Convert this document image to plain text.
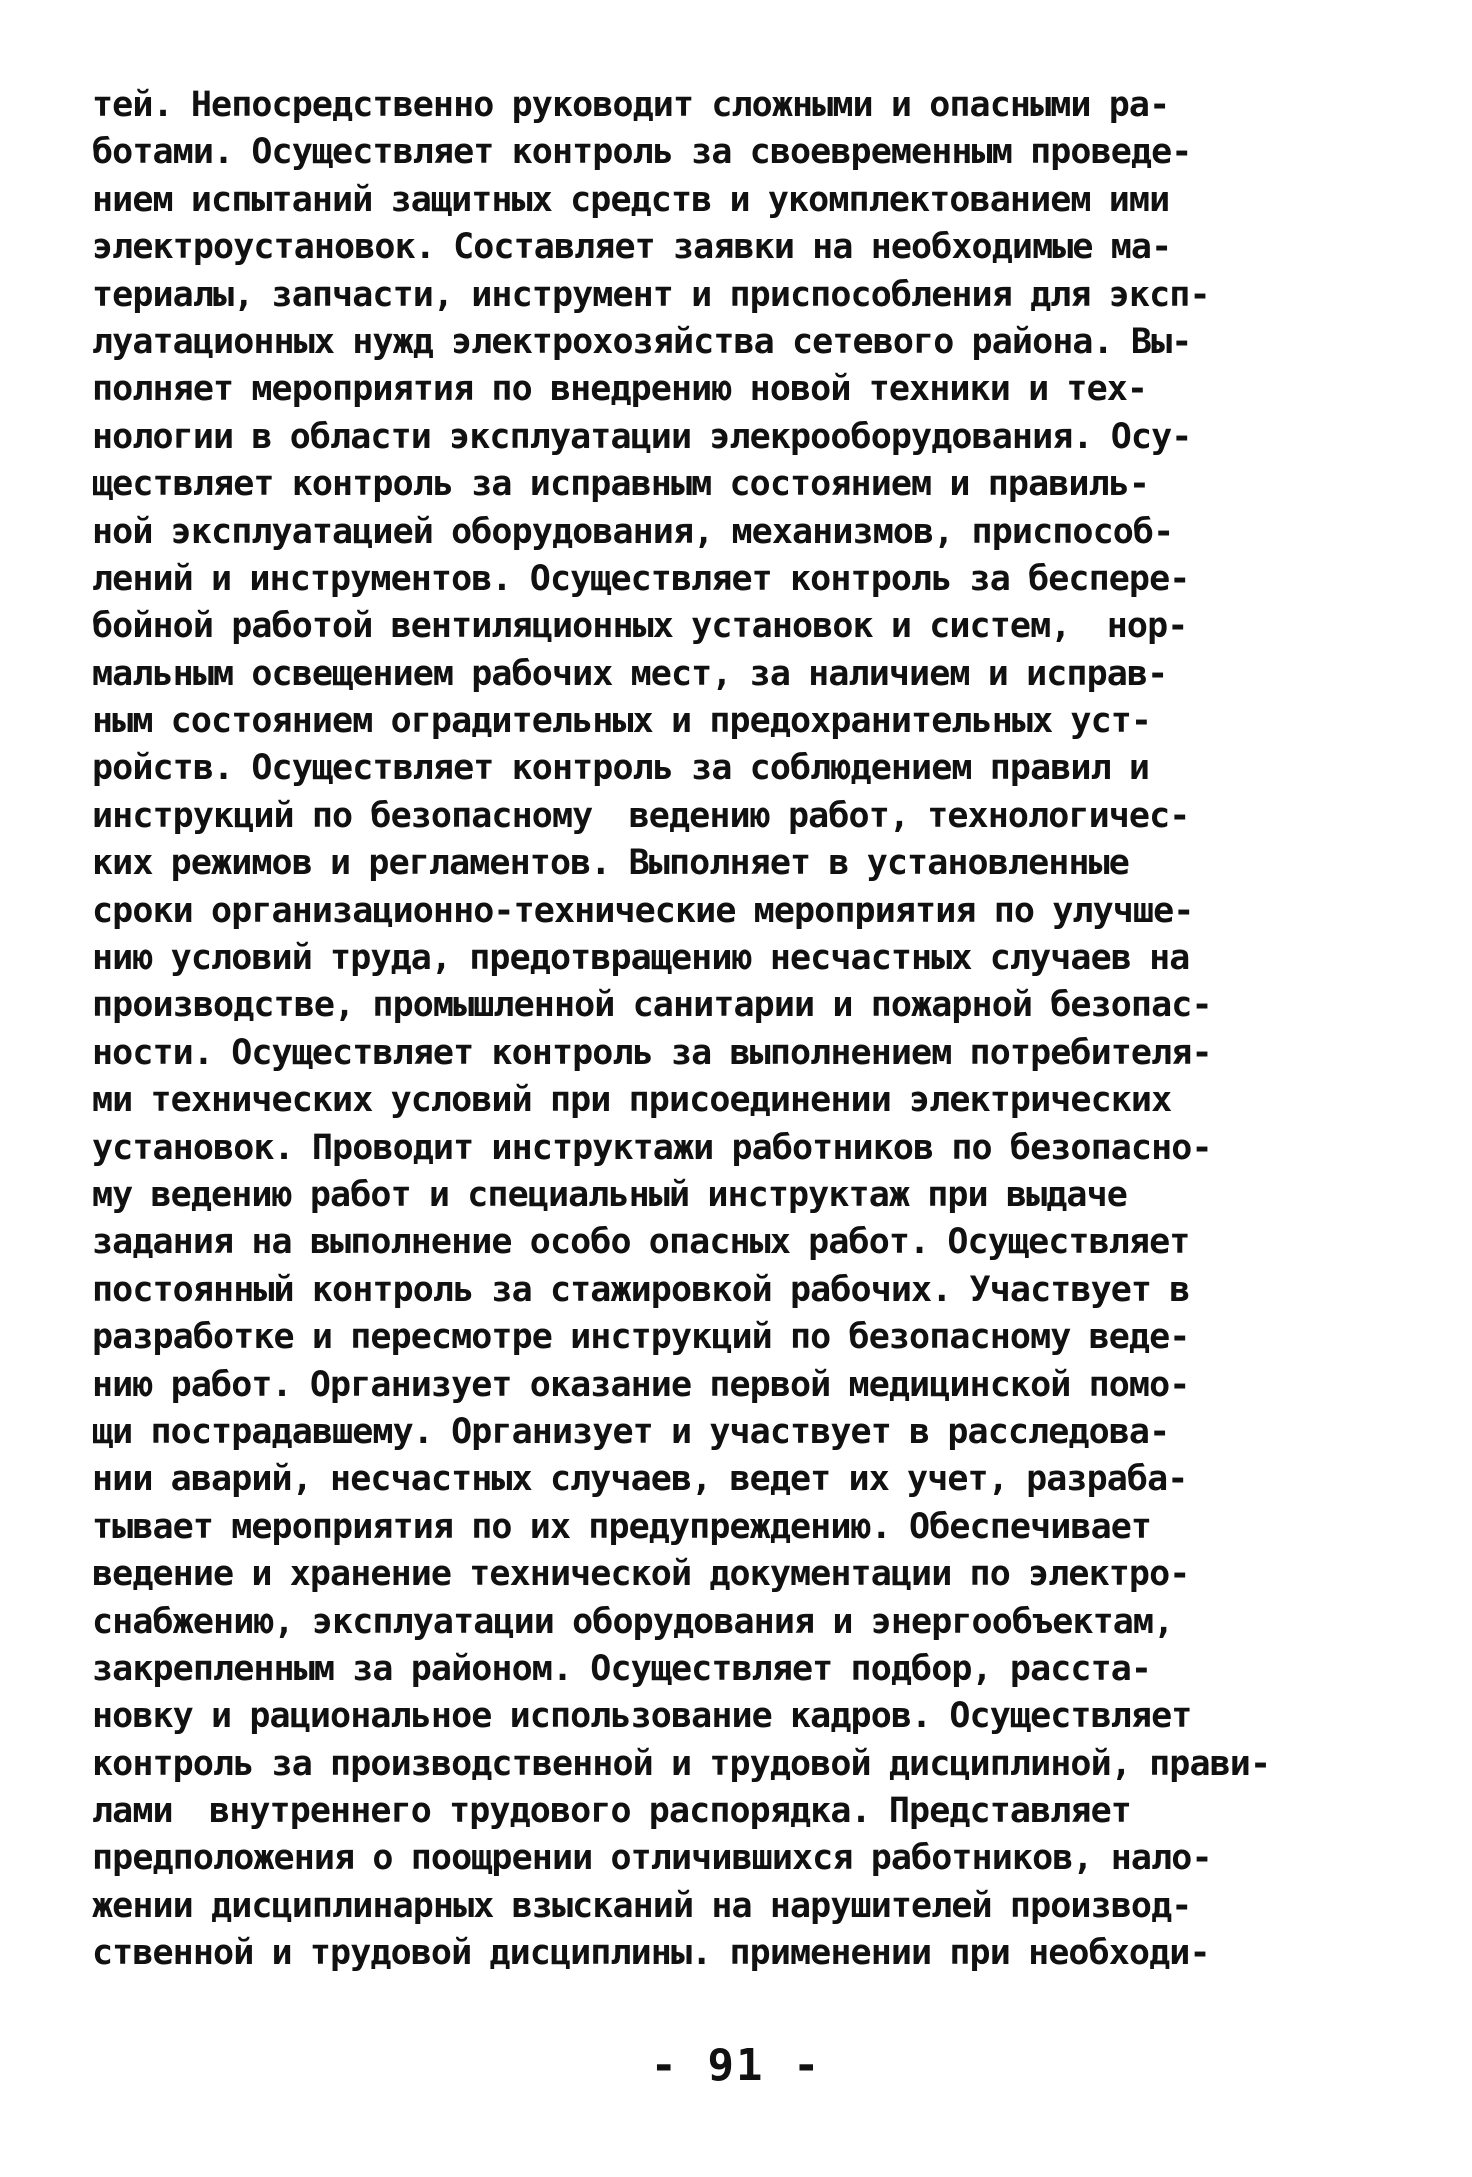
тей. Непосредственно руководит сложными и опасными ра-
ботами. Осуществляет контроль за своевременным проведе-
нием испытаний защитных средств и укомплектованием ими
электроустановок. Составляет заявки на необходимые ма-
териалы, запчасти, инструмент и приспособления для эксп-
луатационных нужд электрохозяйства сетевого района. Вы-
полняет мероприятия по внедрению новой техники и тех-
нологии в области эксплуатации элекрооборудования. Осу-
ществляет контроль за исправным состоянием и правиль-
ной эксплуатацией оборудования, механизмов, приспособ-
лений и инструментов. Осуществляет контроль за беспере-
бойной работой вентиляционных установок и систем,  нор-
мальным освещением рабочих мест, за наличием и исправ-
ным состоянием оградительных и предохранительных уст-
ройств. Осуществляет контроль за соблюдением правил и
инструкций по безопасному  ведению работ, технологичес-
ких режимов и регламентов. Выполняет в установленные
сроки организационно-технические мероприятия по улучше-
нию условий труда, предотвращению несчастных случаев на
производстве, промышленной санитарии и пожарной безопас-
ности. Осуществляет контроль за выполнением потребителя-
ми технических условий при присоединении электрических
установок. Проводит инструктажи работников по безопасно-
му ведению работ и специальный инструктаж при выдаче
задания на выполнение особо опасных работ. Осуществляет
постоянный контроль за стажировкой рабочих. Участвует в
разработке и пересмотре инструкций по безопасному веде-
нию работ. Организует оказание первой медицинской помо-
щи пострадавшему. Организует и участвует в расследова-
нии аварий, несчастных случаев, ведет их учет, разраба-
тывает мероприятия по их предупреждению. Обеспечивает
ведение и хранение технической документации по электро-
снабжению, эксплуатации оборудования и энергообъектам,
закрепленным за районом. Осуществляет подбор, расста-
новку и рациональное использование кадров. Осуществляет
контроль за производственной и трудовой дисциплиной, прави-
лами  внутреннего трудового распорядка. Представляет
предположения о поощрении отличившихся работников, нало-
жении дисциплинарных взысканий на нарушителей производ-
ственной и трудовой дисциплины. применении при необходи-
- 91 -
